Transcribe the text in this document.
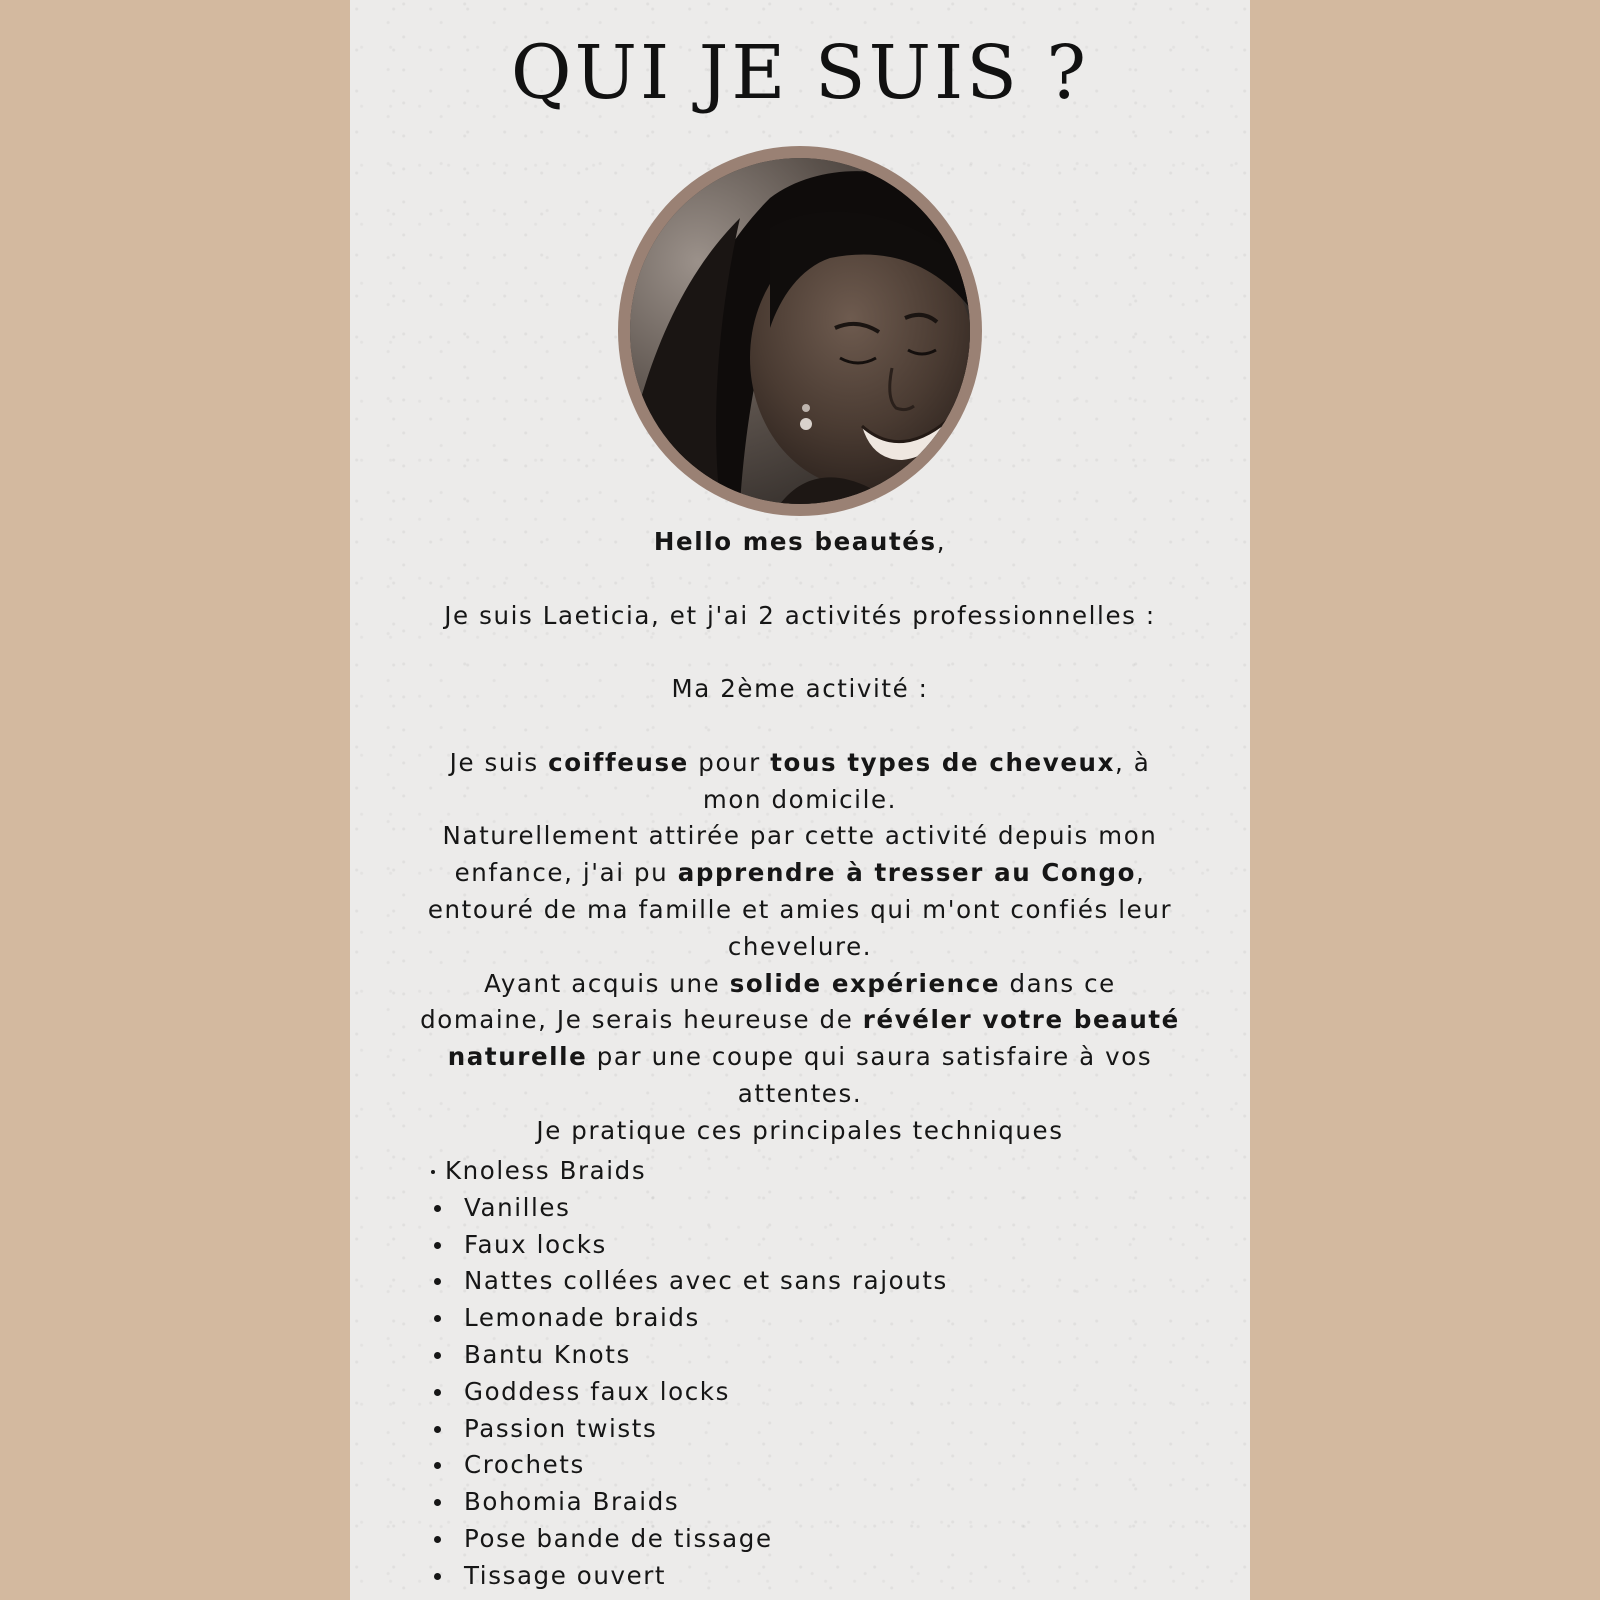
QUI JE SUIS ?

Hello mes beautés,

Je suis Laeticia, et j'ai 2 activités professionnelles :

Ma 2ème activité :

Je suis coiffeuse pour tous types de cheveux, à mon domicile.

Naturellement attirée par cette activité depuis mon enfance, j'ai pu apprendre à tresser au Congo, entouré de ma famille et amies qui m'ont confiés leur chevelure.

Ayant acquis une solide expérience dans ce domaine, Je serais heureuse de révéler votre beauté naturelle par une coupe qui saura satisfaire à vos attentes.

Je pratique ces principales techniques

Knoless Braids
Vanilles
Faux locks
Nattes collées avec et sans rajouts
Lemonade braids
Bantu Knots
Goddess faux locks
Passion twists
Crochets
Bohomia Braids
Pose bande de tissage
Tissage ouvert
